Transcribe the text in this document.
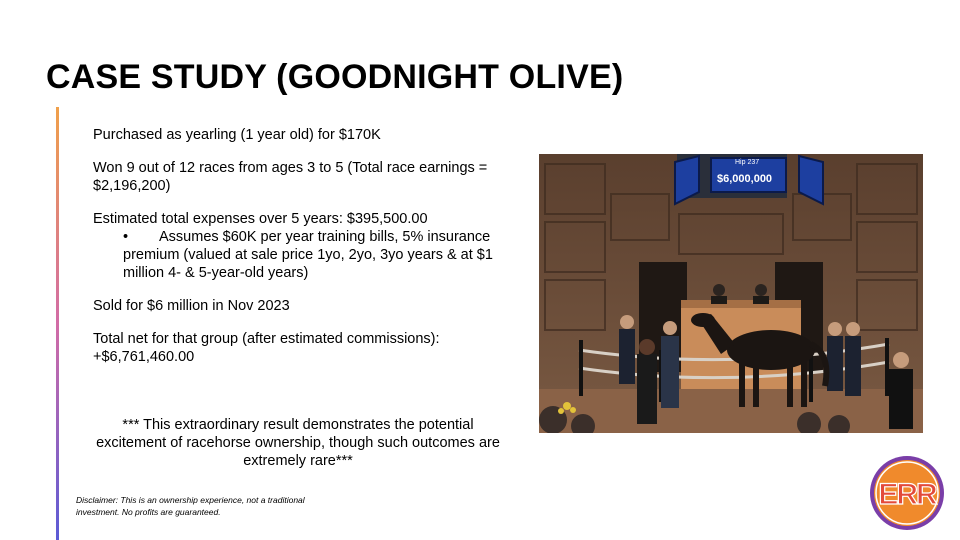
CASE STUDY (GOODNIGHT OLIVE)

Purchased as yearling (1 year old) for $170K

Won 9 out of 12 races from ages 3 to 5 (Total race earnings = $2,196,200)

Estimated total expenses over 5 years: $395,500.00

•	Assumes $60K per year training bills, 5% insurance premium (valued at sale price 1yo, 2yo, 3yo years & at $1 million 4- & 5-year-old years)

Sold for $6 million in Nov 2023

Total net for that group (after estimated commissions): +$6,761,460.00

*** This extraordinary result demonstrates the potential excitement of racehorse ownership, though such outcomes are extremely rare***
Disclaimer: This is an ownership experience, not a traditional investment. No profits are guaranteed.
Hip 237
$6,000,000
ERR
